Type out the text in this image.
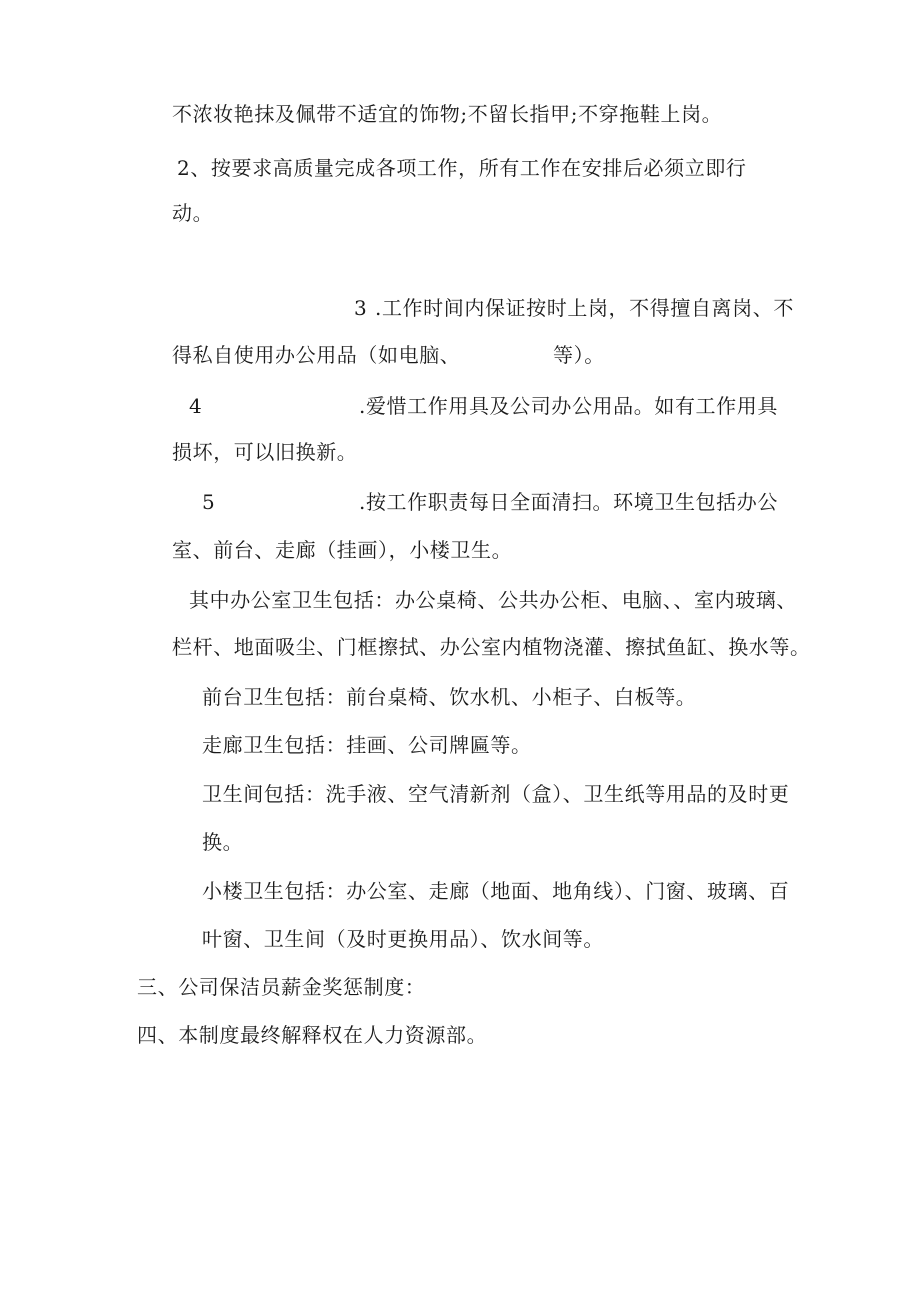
不浓妆艳抹及佩带不适宜的饰物;不留长指甲;不穿拖鞋上岗。
2、按要求高质量完成各项工作，所有工作在安排后必须立即行
动。
3 .工作时间内保证按时上岗，不得擅自离岗、不
得私自使用办公用品（如电脑、	等）。
4	.爱惜工作用具及公司办公用品。如有工作用具
损坏，可以旧换新。
5	.按工作职责每日全面清扫。环境卫生包括办公
室、前台、走廊（挂画），小楼卫生。
其中办公室卫生包括：办公桌椅、公共办公柜、电脑、、室内玻璃、
栏杆、地面吸尘、门框擦拭、办公室内植物浇灌、擦拭鱼缸、换水等。
前台卫生包括：前台桌椅、饮水机、小柜子、白板等。
走廊卫生包括：挂画、公司牌匾等。
卫生间包括：洗手液、空气清新剂（盒）、卫生纸等用品的及时更
换。
小楼卫生包括：办公室、走廊（地面、地角线）、门窗、玻璃、百
叶窗、卫生间（及时更换用品）、饮水间等。
三、公司保洁员薪金奖惩制度：
四、本制度最终解释权在人力资源部。
